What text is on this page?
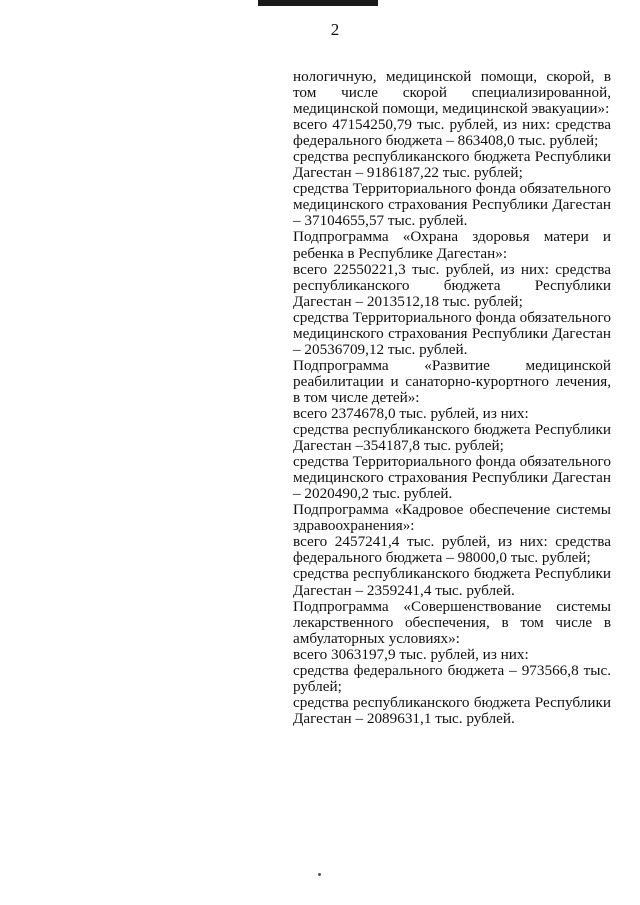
2
нологичную, медицинской помощи, скорой, в том числе скорой специализированной, медицинской помощи, медицинской эвакуации»:
всего 47154250,79 тыс. рублей, из них: средства федерального бюджета – 863408,0 тыс. рублей;
средства республиканского бюджета Республики Дагестан – 9186187,22 тыс. рублей;
средства Территориального фонда обязательного медицинского страхования Республики Дагестан – 37104655,57 тыс. рублей.
Подпрограмма «Охрана здоровья матери и ребенка в Республике Дагестан»:
всего 22550221,3 тыс. рублей, из них: средства республиканского бюджета Республики Дагестан – 2013512,18 тыс. рублей;
средства Территориального фонда обязательного медицинского страхования Республики Дагестан – 20536709,12 тыс. рублей.
Подпрограмма «Развитие медицинской реабилитации и санаторно-курортного лечения, в том числе детей»:
всего 2374678,0 тыс. рублей, из них:
средства республиканского бюджета Республики Дагестан –354187,8 тыс. рублей;
средства Территориального фонда обязательного медицинского страхования Республики Дагестан – 2020490,2 тыс. рублей.
Подпрограмма «Кадровое обеспечение системы здравоохранения»:
всего 2457241,4 тыс. рублей, из них: средства федерального бюджета – 98000,0 тыс. рублей;
средства республиканского бюджета Республики Дагестан – 2359241,4 тыс. рублей.
Подпрограмма «Совершенствование системы лекарственного обеспечения, в том числе в амбулаторных условиях»:
всего 3063197,9 тыс. рублей, из них:
средства федерального бюджета – 973566,8 тыс. рублей;
средства республиканского бюджета Республики Дагестан – 2089631,1 тыс. рублей.
